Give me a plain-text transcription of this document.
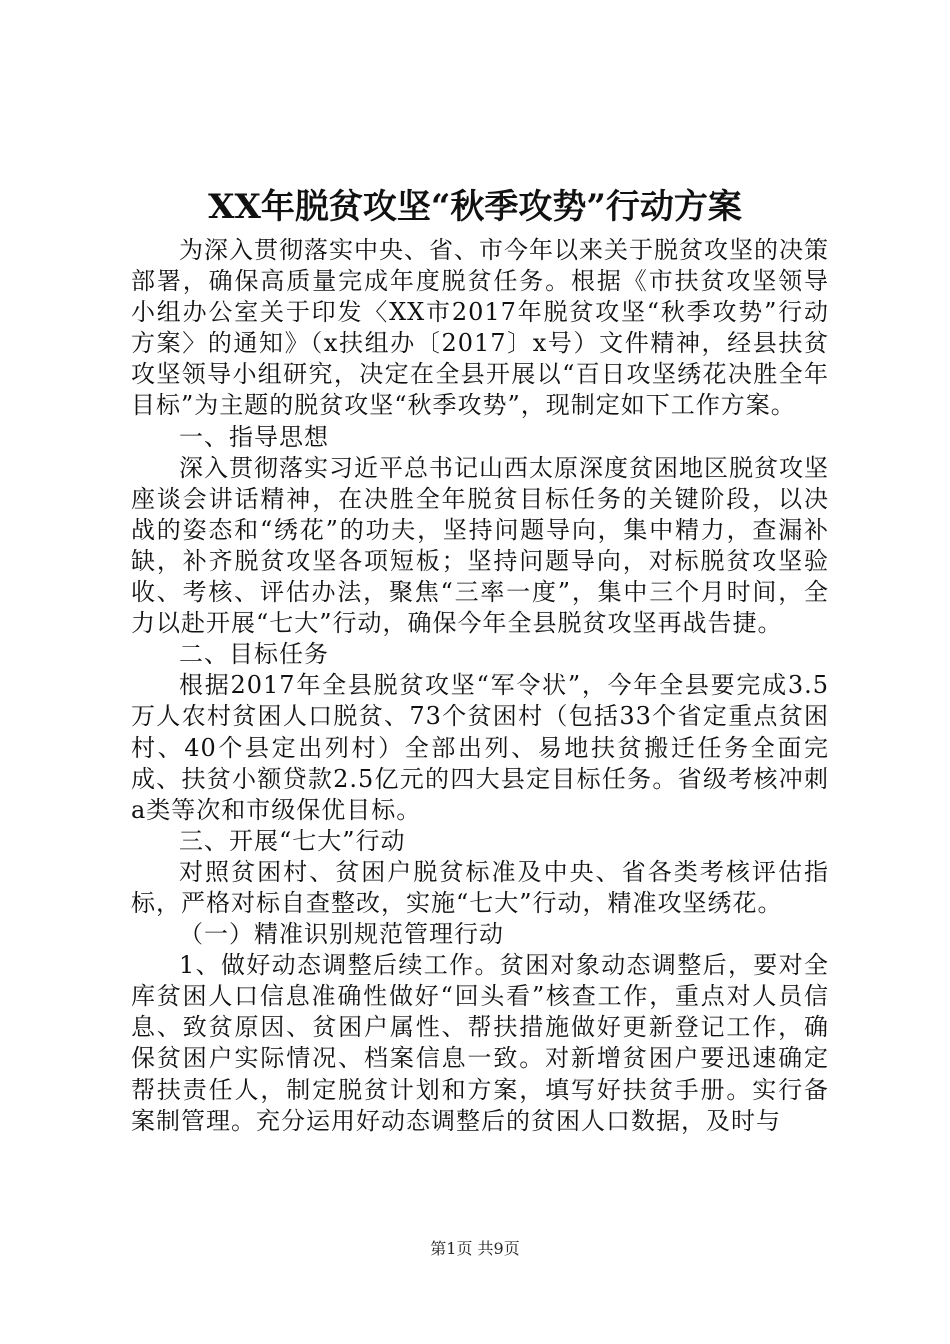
XX年脱贫攻坚“秋季攻势”行动方案

为深入贯彻落实中央、省、市今年以来关于脱贫攻坚的决策部署，确保高质量完成年度脱贫任务。根据《市扶贫攻坚领导小组办公室关于印发〈XX市2017年脱贫攻坚“秋季攻势”行动方案〉的通知》（x扶组办〔2017〕x号）文件精神，经县扶贫攻坚领导小组研究，决定在全县开展以“百日攻坚绣花决胜全年目标”为主题的脱贫攻坚“秋季攻势”，现制定如下工作方案。

一、指导思想

深入贯彻落实习近平总书记山西太原深度贫困地区脱贫攻坚座谈会讲话精神，在决胜全年脱贫目标任务的关键阶段，以决战的姿态和“绣花”的功夫，坚持问题导向，集中精力，查漏补缺，补齐脱贫攻坚各项短板；坚持问题导向，对标脱贫攻坚验收、考核、评估办法，聚焦“三率一度”，集中三个月时间，全力以赴开展“七大”行动，确保今年全县脱贫攻坚再战告捷。

二、目标任务

根据2017年全县脱贫攻坚“军令状”，今年全县要完成3.5万人农村贫困人口脱贫、73个贫困村（包括33个省定重点贫困村、40个县定出列村）全部出列、易地扶贫搬迁任务全面完成、扶贫小额贷款2.5亿元的四大县定目标任务。省级考核冲刺a类等次和市级保优目标。

三、开展“七大”行动

对照贫困村、贫困户脱贫标准及中央、省各类考核评估指标，严格对标自查整改，实施“七大”行动，精准攻坚绣花。

（一）精准识别规范管理行动

1、做好动态调整后续工作。贫困对象动态调整后，要对全库贫困人口信息准确性做好“回头看”核查工作，重点对人员信息、致贫原因、贫困户属性、帮扶措施做好更新登记工作，确保贫困户实际情况、档案信息一致。对新增贫困户要迅速确定帮扶责任人，制定脱贫计划和方案，填写好扶贫手册。实行备案制管理。充分运用好动态调整后的贫困人口数据，及时与

第1页 共9页
